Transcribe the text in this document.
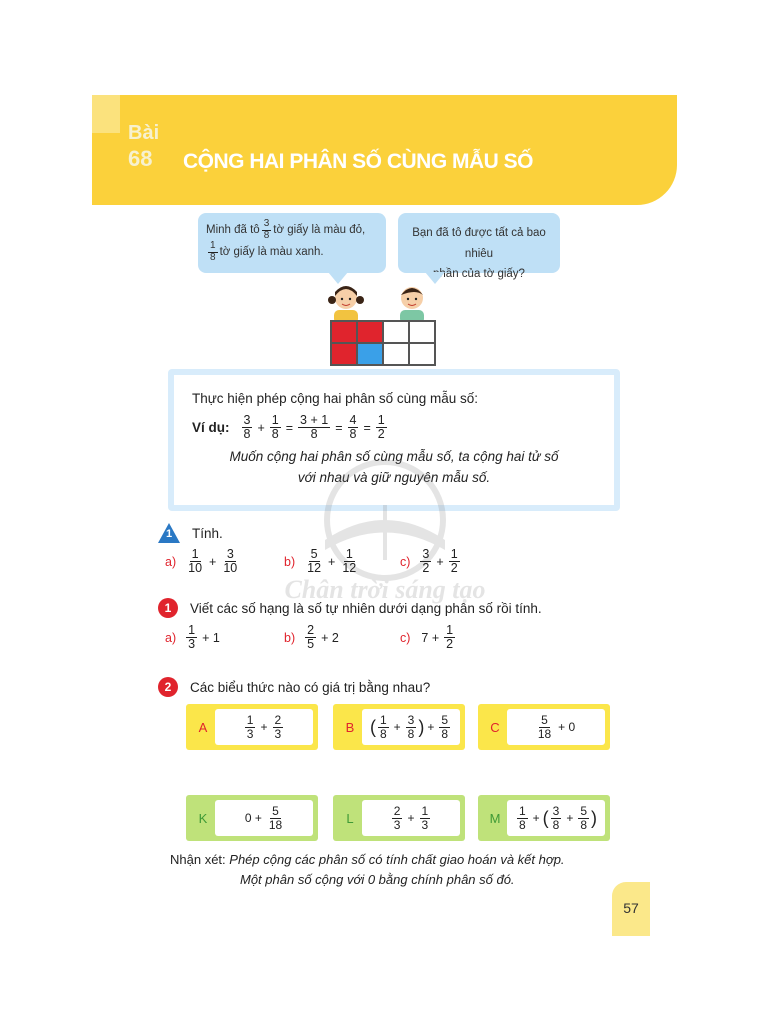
Bài
68 CỘNG HAI PHÂN SỐ CÙNG MẪU SỐ
Minh đã tô $\frac{3}{8}$ tờ giấy là màu đỏ,
$\frac{1}{8}$ tờ giấy là màu xanh.
Bạn đã tô được tất cả bao nhiêu
phần của tờ giấy?
Thực hiện phép cộng hai phân số cùng mẫu số:
Ví dụ: $\frac{3}{8} + \frac{1}{8} = \frac{3 + 1}{8} = \frac{4}{8} = \frac{1}{2}$
Muốn cộng hai phân số cùng mẫu số, ta cộng hai tử số
với nhau và giữ nguyên mẫu số.
Chân trời sáng tạo
1 Tính.
$a) \frac{1}{10} + \frac{3}{10}$	$b) \frac{5}{12} + \frac{1}{12}$	$c) \frac{3}{2} + \frac{1}{2}$
1	Viết các số hạng là số tự nhiên dưới dạng phân số rồi tính.
$a) \frac{1}{3} + 1$	$b) \frac{2}{5} + 2$	c) $7 + \frac{1}{2}$
2	Các biểu thức nào có giá trị bằng nhau?
A	$\frac{1}{3} + \frac{2}{3}$	B ( $\frac{1}{8} + \frac{3}{8}$ ) + $\frac{5}{8}$	C	$\frac{5}{18} + 0$
K	$0 + \frac{5}{18}$	L	$\frac{2}{3} + \frac{1}{3}$	M	$\frac{1}{8}$ + ( $\frac{3}{8} + \frac{5}{8}$ )
Nhận xét: Phép cộng các phân số có tính chất giao hoán và kết hợp.
Một phân số cộng với 0 bằng chính phân số đó.
57
